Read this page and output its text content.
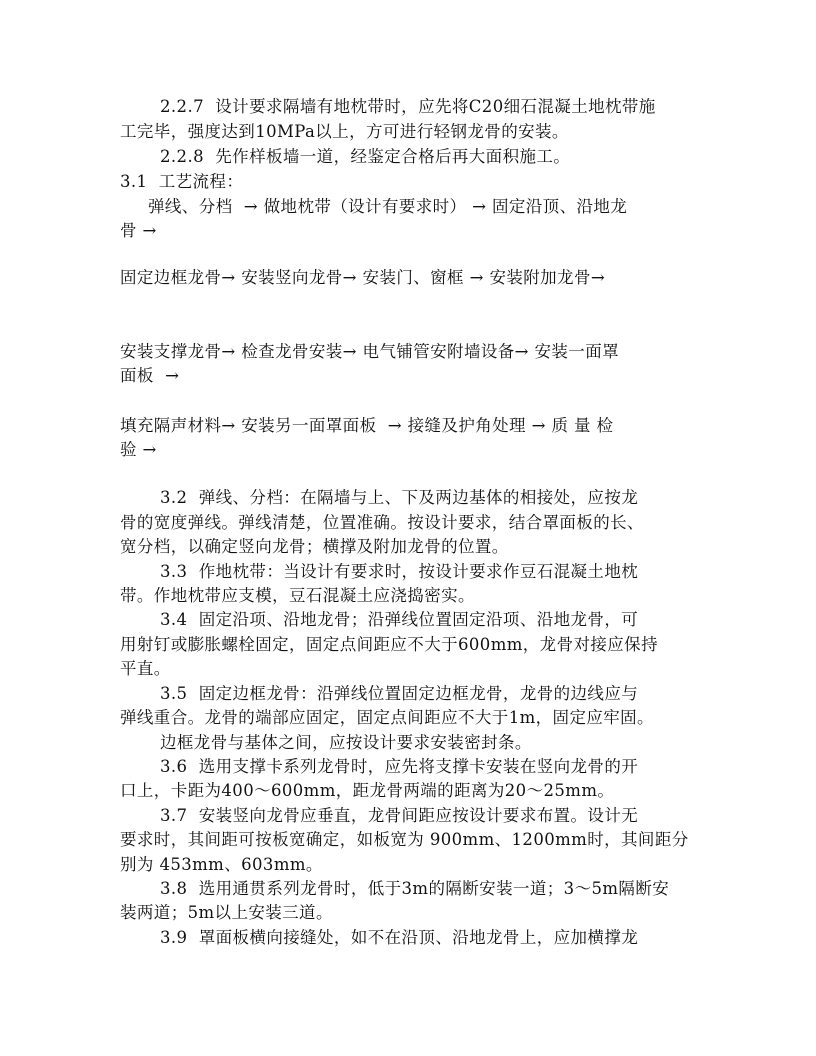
2.2.7  设计要求隔墙有地枕带时，应先将C20细石混凝土地枕带施
工完毕，强度达到10MPa以上，方可进行轻钢龙骨的安装。
2.2.8  先作样板墙一道，经鉴定合格后再大面积施工。
3.1  工艺流程：
弹线、分档  → 做地枕带（设计有要求时） → 固定沿顶、沿地龙
骨 →
固定边框龙骨→ 安装竖向龙骨→ 安装门、窗框 → 安装附加龙骨→
安装支撑龙骨→ 检查龙骨安装→ 电气铺管安附墙设备→ 安装一面罩
面板  →
填充隔声材料→ 安装另一面罩面板  → 接缝及护角处理 → 质 量 检
验 →
3.2  弹线、分档：在隔墙与上、下及两边基体的相接处，应按龙
骨的宽度弹线。弹线清楚，位置准确。按设计要求，结合罩面板的长、
宽分档，以确定竖向龙骨；横撑及附加龙骨的位置。
3.3  作地枕带：当设计有要求时，按设计要求作豆石混凝土地枕
带。作地枕带应支模，豆石混凝土应浇捣密实。
3.4  固定沿项、沿地龙骨；沿弹线位置固定沿项、沿地龙骨，可
用射钉或膨胀螺栓固定，固定点间距应不大于600mm，龙骨对接应保持
平直。
3.5  固定边框龙骨：沿弹线位置固定边框龙骨，龙骨的边线应与
弹线重合。龙骨的端部应固定，固定点间距应不大于1m，固定应牢固。
边框龙骨与基体之间，应按设计要求安装密封条。
3.6  选用支撑卡系列龙骨时，应先将支撑卡安装在竖向龙骨的开
口上，卡距为400～600mm，距龙骨两端的距离为20～25mm。
3.7  安装竖向龙骨应垂直，龙骨间距应按设计要求布置。设计无
要求时，其间距可按板宽确定，如板宽为 900mm、1200mm时，其间距分
别为 453mm、603mm。
3.8  选用通贯系列龙骨时，低于3m的隔断安装一道；3～5m隔断安
装两道；5m以上安装三道。
3.9  罩面板横向接缝处，如不在沿顶、沿地龙骨上，应加横撑龙
